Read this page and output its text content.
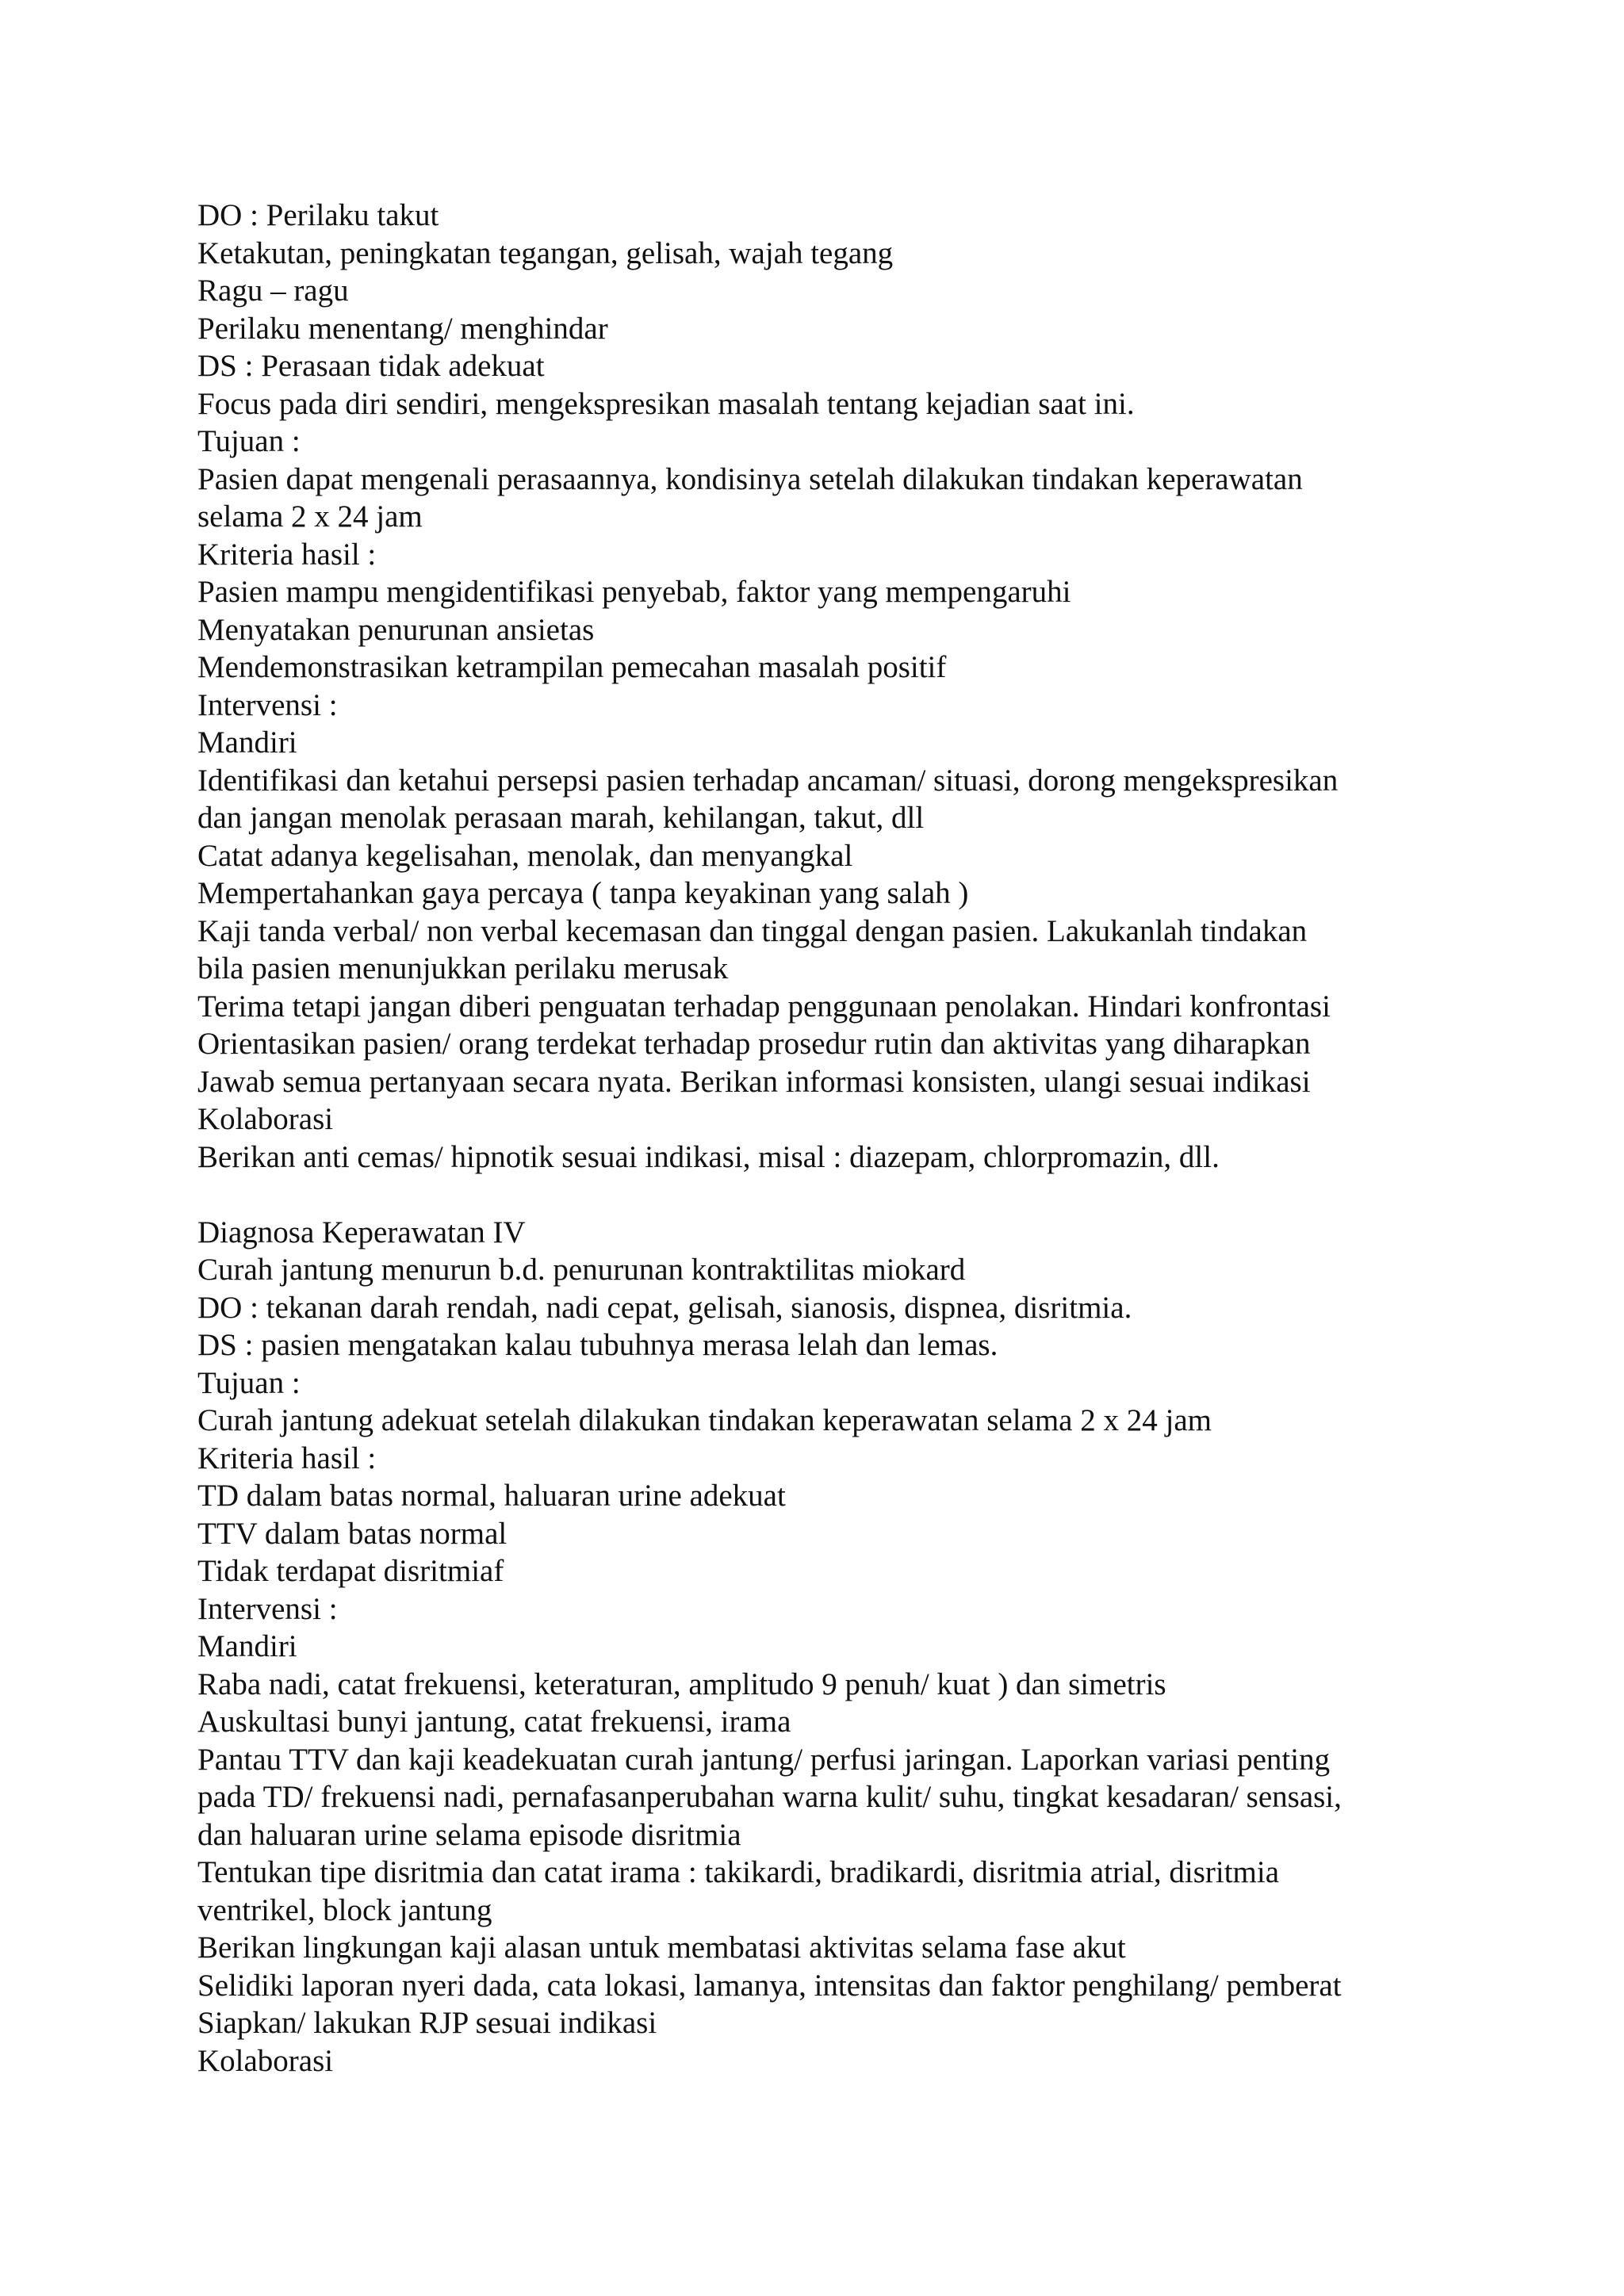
DO : Perilaku takut
Ketakutan, peningkatan tegangan, gelisah, wajah tegang
Ragu – ragu
Perilaku menentang/ menghindar
DS : Perasaan tidak adekuat
Focus pada diri sendiri, mengekspresikan masalah tentang kejadian saat ini.
Tujuan :
Pasien dapat mengenali perasaannya, kondisinya setelah dilakukan tindakan keperawatan
selama 2 x 24 jam
Kriteria hasil :
Pasien mampu mengidentifikasi penyebab, faktor yang mempengaruhi
Menyatakan penurunan ansietas
Mendemonstrasikan ketrampilan pemecahan masalah positif
Intervensi :
Mandiri
Identifikasi dan ketahui persepsi pasien terhadap ancaman/ situasi, dorong mengekspresikan
dan jangan menolak perasaan marah, kehilangan, takut, dll
Catat adanya kegelisahan, menolak, dan menyangkal
Mempertahankan gaya percaya ( tanpa keyakinan yang salah )
Kaji tanda verbal/ non verbal kecemasan dan tinggal dengan pasien. Lakukanlah tindakan
bila pasien menunjukkan perilaku merusak
Terima tetapi jangan diberi penguatan terhadap penggunaan penolakan. Hindari konfrontasi
Orientasikan pasien/ orang terdekat terhadap prosedur rutin dan aktivitas yang diharapkan
Jawab semua pertanyaan secara nyata. Berikan informasi konsisten, ulangi sesuai indikasi
Kolaborasi
Berikan anti cemas/ hipnotik sesuai indikasi, misal : diazepam, chlorpromazin, dll.
Diagnosa Keperawatan IV
Curah jantung menurun b.d. penurunan kontraktilitas miokard
DO : tekanan darah rendah, nadi cepat, gelisah, sianosis, dispnea, disritmia.
DS : pasien mengatakan kalau tubuhnya merasa lelah dan lemas.
Tujuan :
Curah jantung adekuat setelah dilakukan tindakan keperawatan selama 2 x 24 jam
Kriteria hasil :
TD dalam batas normal, haluaran urine adekuat
TTV dalam batas normal
Tidak terdapat disritmiaf
Intervensi :
Mandiri
Raba nadi, catat frekuensi, keteraturan, amplitudo 9 penuh/ kuat ) dan simetris
Auskultasi bunyi jantung, catat frekuensi, irama
Pantau TTV dan kaji keadekuatan curah jantung/ perfusi jaringan. Laporkan variasi penting
pada TD/ frekuensi nadi, pernafasanperubahan warna kulit/ suhu, tingkat kesadaran/ sensasi,
dan haluaran urine selama episode disritmia
Tentukan tipe disritmia dan catat irama : takikardi, bradikardi, disritmia atrial, disritmia
ventrikel, block jantung
Berikan lingkungan kaji alasan untuk membatasi aktivitas selama fase akut
Selidiki laporan nyeri dada, cata lokasi, lamanya, intensitas dan faktor penghilang/ pemberat
Siapkan/ lakukan RJP sesuai indikasi
Kolaborasi
